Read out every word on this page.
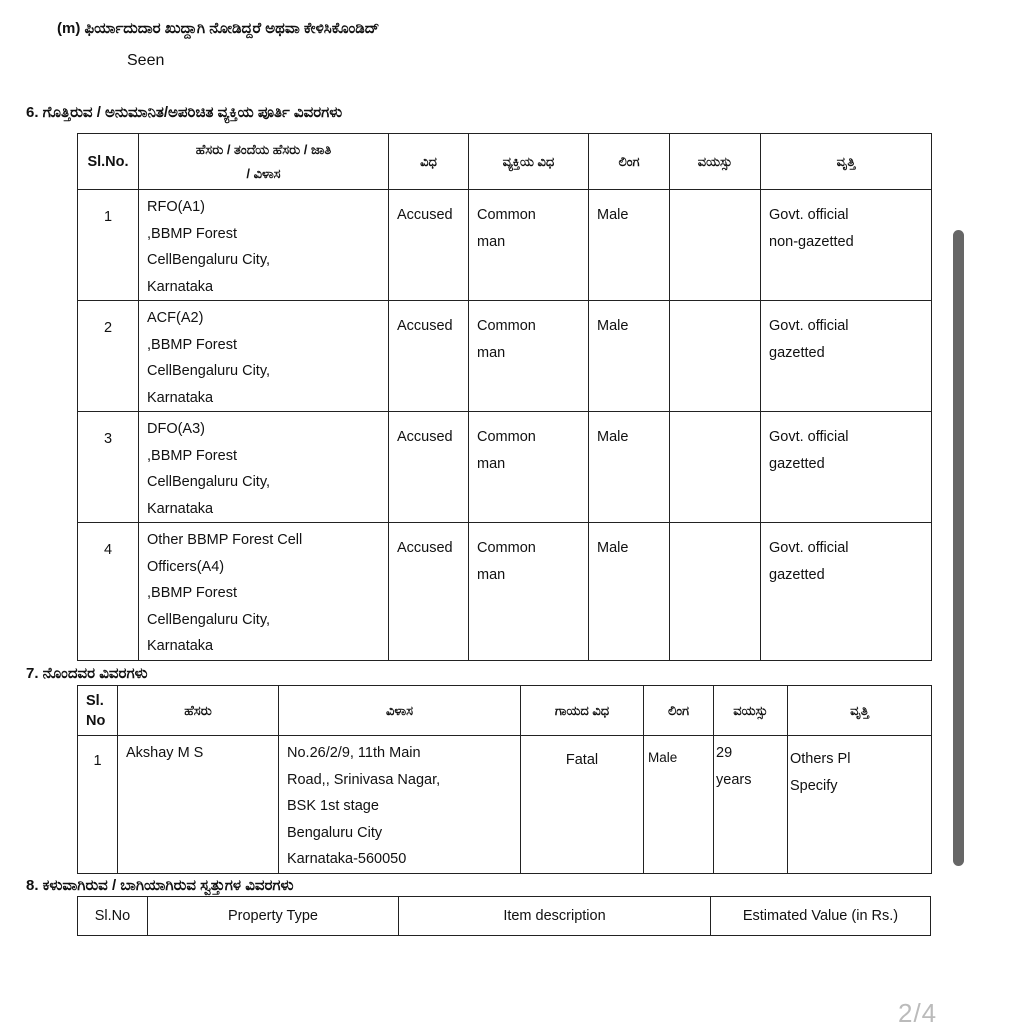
(m) ಫಿರ್ಯಾದುದಾರ ಖುದ್ದಾಗಿ ನೋಡಿದ್ದರೆ ಅಥವಾ ಕೇಳಿಸಿಕೊಂಡಿದ್
Seen
6. ಗೊತ್ತಿರುವ / ಅನುಮಾನಿತ/ಅಪರಿಚಿತ ವ್ಯಕ್ತಿಯ ಪೂರ್ತಿ ವಿವರಗಳು
Sl.No.	ಹೆಸರು / ತಂದೆಯ ಹೆಸರು / ಜಾತಿ
/ ವಿಳಾಸ	ವಿಧ	ವ್ಯಕ್ತಿಯ ವಿಧ	ಲಿಂಗ	ವಯಸ್ಸು	ವೃತ್ತಿ

1	RFO(A1)
,BBMP Forest
CellBengaluru City,
Karnataka	Accused	Common
man	Male		Govt. official
non-gazetted

2	ACF(A2)
,BBMP Forest
CellBengaluru City,
Karnataka	Accused	Common
man	Male		Govt. official
gazetted

3	DFO(A3)
,BBMP Forest
CellBengaluru City,
Karnataka	Accused	Common
man	Male		Govt. official
gazetted

4	Other BBMP Forest Cell
Officers(A4)
,BBMP Forest
CellBengaluru City,
Karnataka	Accused	Common
man	Male		Govt. official
gazetted
7. ನೊಂದವರ ವಿವರಗಳು
Sl.
No	ಹೆಸರು	ವಿಳಾಸ	ಗಾಯದ ವಿಧ	ಲಿಂಗ	ವಯಸ್ಸು	ವೃತ್ತಿ

1	Akshay M S	No.26/2/9, 11th Main
Road,, Srinivasa Nagar,
BSK 1st stage
Bengaluru City
Karnataka-560050	Fatal	Male	29
years	Others Pl
Specify
8. ಕಳುವಾಗಿರುವ / ಬಾಗಿಯಾಗಿರುವ ಸ್ವತ್ತುಗಳ ವಿವರಗಳು
Sl.No	Property Type	Item description	Estimated Value (in Rs.)
2/4
